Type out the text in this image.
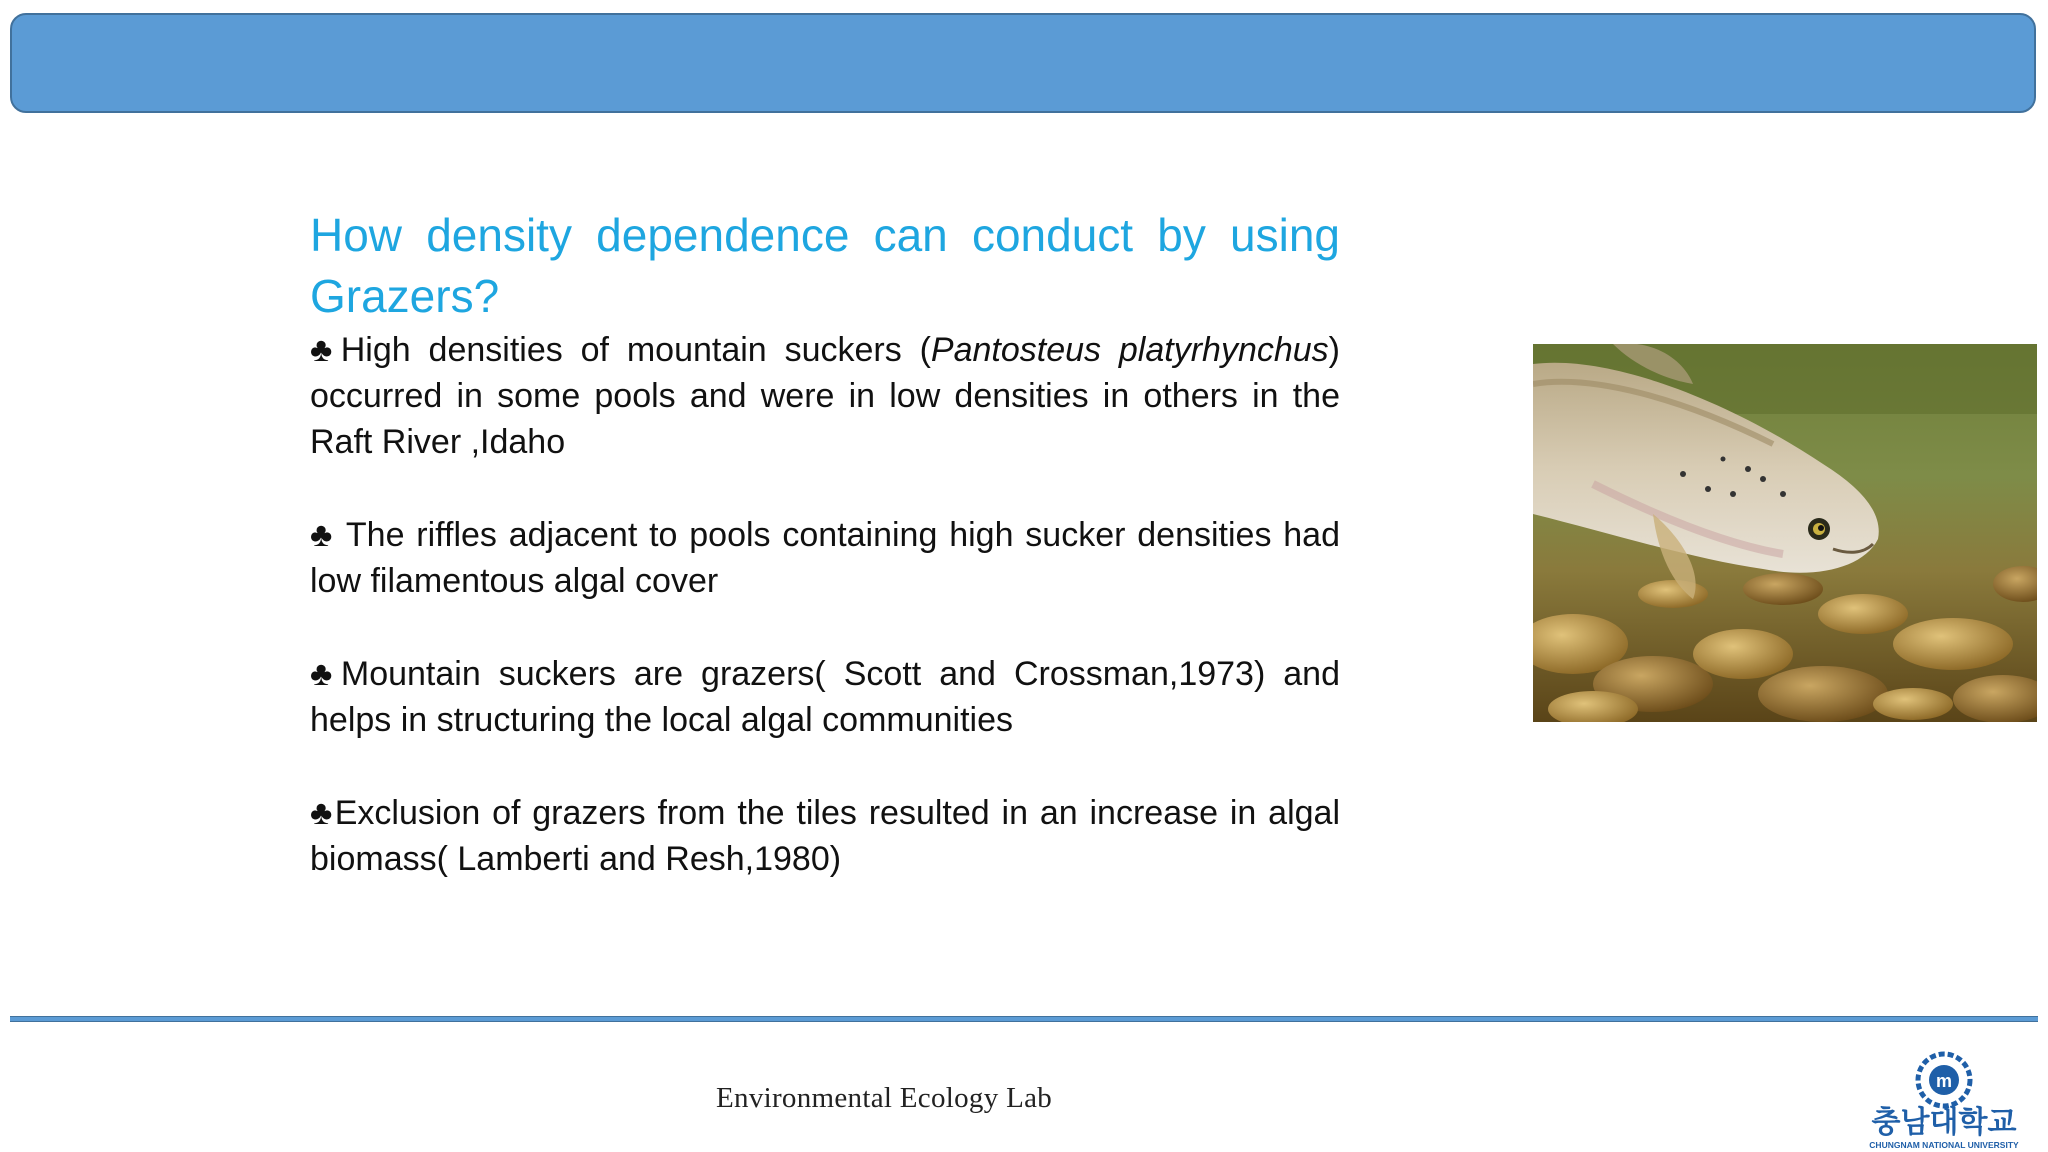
How density dependence can conduct by using Grazers?

♣High densities of mountain suckers (Pantosteus platyrhynchus) occurred in some pools and were in low densities in others in the Raft River ,Idaho

♣ The riffles adjacent to pools containing high sucker densities had low filamentous algal cover

♣Mountain suckers are grazers( Scott and Crossman,1973) and helps in structuring the local algal communities

♣Exclusion of grazers from the tiles resulted in an increase in algal biomass( Lamberti and Resh,1980)

Environmental Ecology Lab
m
충남대학교
CHUNGNAM NATIONAL UNIVERSITY
